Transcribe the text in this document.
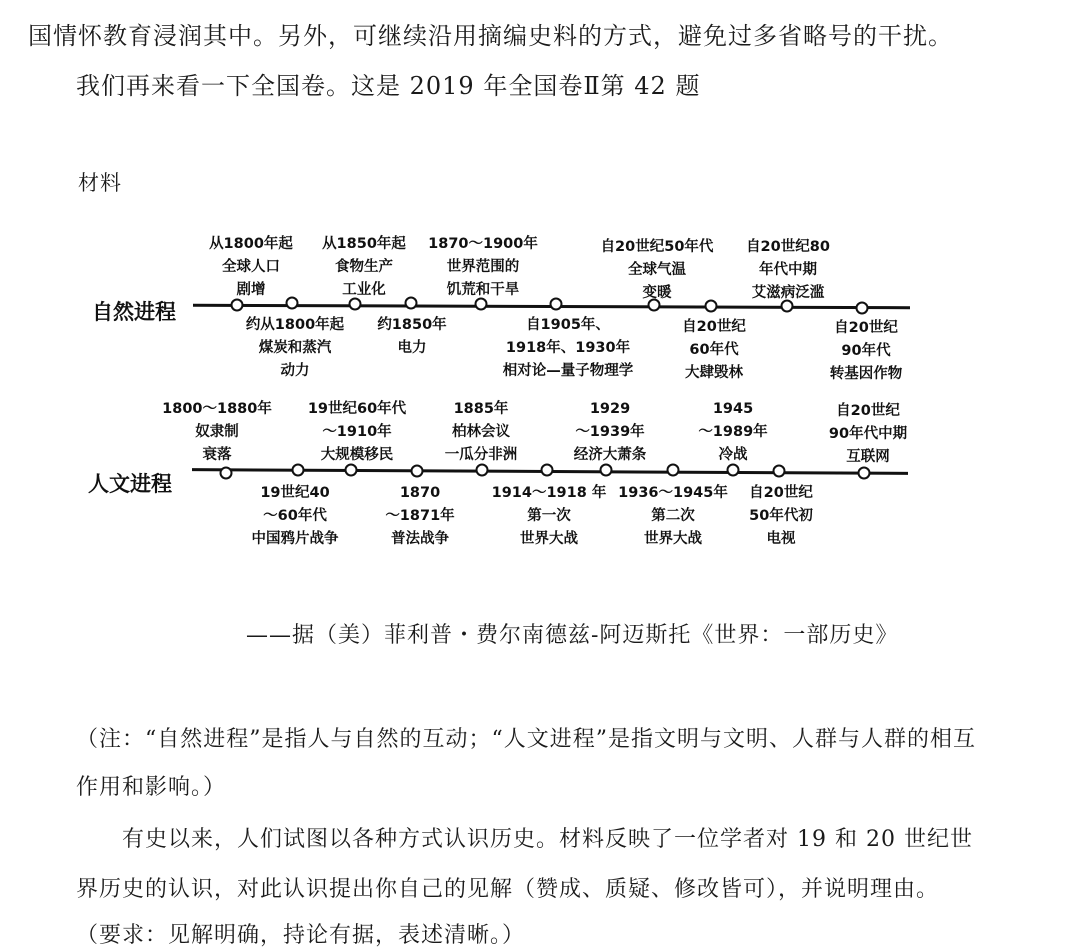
国情怀教育浸润其中。另外，可继续沿用摘编史料的方式，避免过多省略号的干扰。
我们再来看一下全国卷。这是 2019 年全国卷Ⅱ第 42 题
材料
自然进程
人文进程
从1800年起
全球人口
剧增
从1850年起
食物生产
工业化
1870～1900年
世界范围的
饥荒和干旱
自20世纪50年代
全球气温
变暖
自20世纪80
年代中期
艾滋病泛滥
约从1800年起
煤炭和蒸汽
动力
约1850年
电力
自1905年、
1918年、1930年
相对论—量子物理学
自20世纪
60年代
大肆毁林
自20世纪
90年代
转基因作物
1800～1880年
奴隶制
衰落
19世纪60年代
～1910年
大规模移民
1885年
柏林会议
一瓜分非洲
1929
～1939年
经济大萧条
1945
～1989年
冷战
自20世纪
90年代中期
互联网
19世纪40
～60年代
中国鸦片战争
1870
～1871年
普法战争
1914～1918 年
第一次
世界大战
1936～1945年
第二次
世界大战
自20世纪
50年代初
电视
——据（美）菲利普・费尔南德兹-阿迈斯托《世界：一部历史》
（注：“自然进程”是指人与自然的互动；“人文进程”是指文明与文明、人群与人群的相互
作用和影响。）
有史以来，人们试图以各种方式认识历史。材料反映了一位学者对 19 和 20 世纪世
界历史的认识，对此认识提出你自己的见解（赞成、质疑、修改皆可），并说明理由。
（要求：见解明确，持论有据，表述清晰。）
